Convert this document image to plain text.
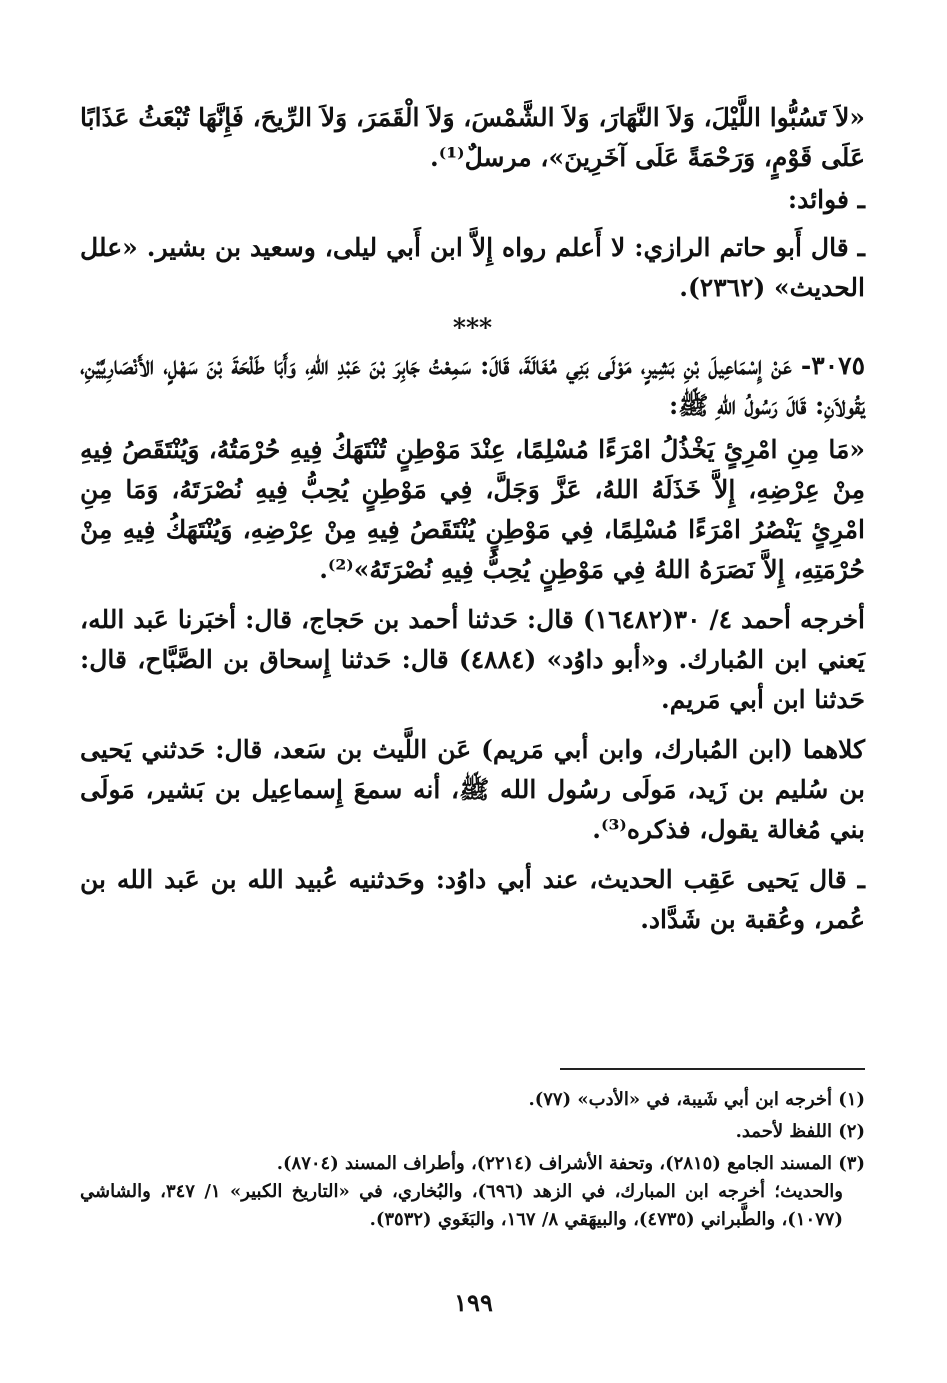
«لاَ تَسُبُّوا اللَّيْلَ، وَلاَ النَّهَارَ، وَلاَ الشَّمْسَ، وَلاَ الْقَمَرَ، وَلاَ الرِّيحَ، فَإِنَّهَا تُبْعَثُ عَذَابًا عَلَى قَوْمٍ، وَرَحْمَةً عَلَى آخَرِينَ»، مرسلٌ⁽¹⁾.

ـ فوائد:

ـ قال أَبو حاتم الرازي: لا أَعلم رواه إِلاَّ ابن أَبي ليلى، وسعيد بن بشير. «علل الحديث» (٢٣٦٢).

***

٣٠٧٥- عَنْ إِسْمَاعِيلَ بْنِ بَشِيرٍ، مَوْلَى بَنِي مُغَالَةَ، قَالَ: سَمِعْتُ جَابِرَ بْنَ عَبْدِ اللهِ، وَأَبَا طَلْحَةَ بْنَ سَهْلٍ، الأَنْصَارِيَّيْنِ، يَقُولاَنِ: قَالَ رَسُولُ اللهِ ﷺ:

«مَا مِنِ امْرِئٍ يَخْذُلُ امْرَءًا مُسْلِمًا، عِنْدَ مَوْطِنٍ تُنْتَهَكُ فِيهِ حُرْمَتُهُ، وَيُنْتَقَصُ فِيهِ مِنْ عِرْضِهِ، إِلاَّ خَذَلَهُ اللهُ، عَزَّ وَجَلَّ، فِي مَوْطِنٍ يُحِبُّ فِيهِ نُصْرَتَهُ، وَمَا مِنِ امْرِئٍ يَنْصُرُ امْرَءًا مُسْلِمًا، فِي مَوْطِنٍ يُنْتَقَصُ فِيهِ مِنْ عِرْضِهِ، وَيُنْتَهَكُ فِيهِ مِنْ حُرْمَتِهِ، إِلاَّ نَصَرَهُ اللهُ فِي مَوْطِنٍ يُحِبُّ فِيهِ نُصْرَتَهُ»⁽²⁾.

أخرجه أحمد ٤/ ٣٠(١٦٤٨٢) قال: حَدثنا أحمد بن حَجاج، قال: أخبَرنا عَبد الله، يَعني ابن المُبارك. و«أبو داوُد» (٤٨٨٤) قال: حَدثنا إِسحاق بن الصَّبَّاح، قال: حَدثنا ابن أبي مَريم.

كلاهما (ابن المُبارك، وابن أبي مَريم) عَن اللَّيث بن سَعد، قال: حَدثني يَحيى بن سُليم بن زَيد، مَولَى رسُول الله ﷺ، أنه سمعَ إِسماعِيل بن بَشير، مَولَى بني مُغالة يقول، فذكره⁽³⁾.

ـ قال يَحيى عَقِب الحديث، عند أبي داوُد: وحَدثنيه عُبيد الله بن عَبد الله بن عُمر، وعُقبة بن شَدَّاد.

(١) أخرجه ابن أبي شَيبة، في «الأدب» (٧٧).

(٢) اللفظ لأحمد.

(٣) المسند الجامع (٢٨١٥)، وتحفة الأشراف (٢٢١٤)، وأطراف المسند (٨٧٠٤).

والحديث؛ أخرجه ابن المبارك، في الزهد (٦٩٦)، والبُخاري، في «التاريخ الكبير» ١/ ٣٤٧، والشاشي (١٠٧٧)، والطَّبراني (٤٧٣٥)، والبيهَقي ٨/ ١٦٧، والبَغَوي (٣٥٣٢).

١٩٩
